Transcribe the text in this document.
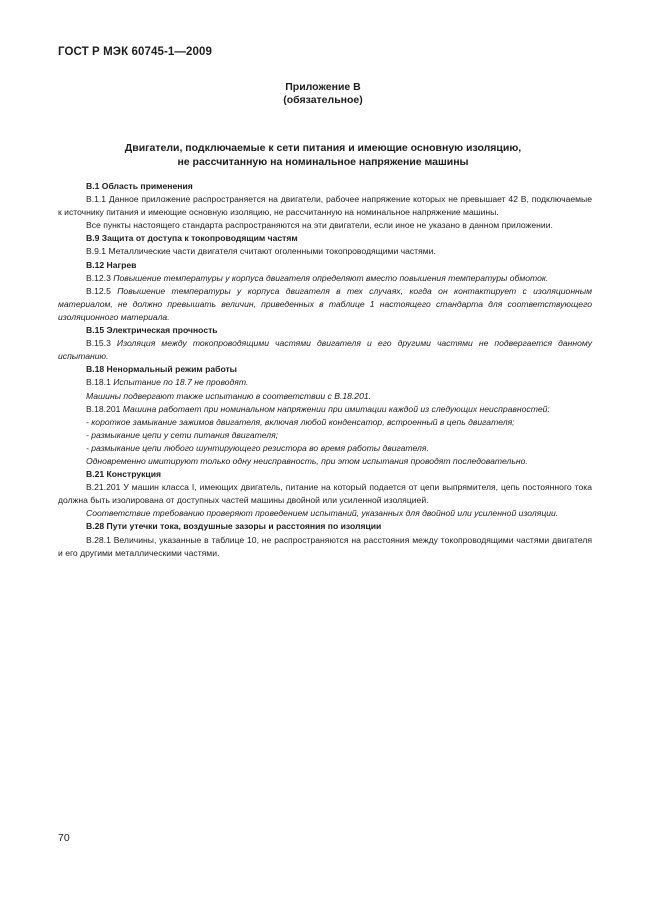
ГОСТ Р МЭК 60745-1—2009
Приложение В
(обязательное)
Двигатели, подключаемые к сети питания и имеющие основную изоляцию,
не рассчитанную на номинальное напряжение машины

В.1 Область применения

В.1.1 Данное приложение распространяется на двигатели, рабочее напряжение которых не превышает 42 В, подключаемые к источнику питания и имеющие основную изоляцию, не рассчитанную на номинальное напряжение машины.

Все пункты настоящего стандарта распространяются на эти двигатели, если иное не указано в данном приложении.

В.9 Защита от доступа к токопроводящим частям

В.9.1 Металлические части двигателя считают оголенными токопроводящими частями.

В.12 Нагрев

В.12.3 Повышение температуры у корпуса двигателя определяют вместо повышения температуры обмоток.

В.12.5 Повышение температуры у корпуса двигателя в тех случаях, когда он контактирует с изоляционным материалом, не должно превышать величин, приведенных в таблице 1 настоящего стандарта для соответствующего изоляционного материала.

В.15 Электрическая прочность

В.15.3 Изоляция между токопроводящими частями двигателя и его другими частями не подвергается данному испытанию.

В.18 Ненормальный режим работы

В.18.1 Испытание по 18.7 не проводят.

Машины подвергают также испытанию в соответствии с В.18.201.

В.18.201 Машина работает при номинальном напряжении при имитации каждой из следующих неисправностей:

- короткое замыкание зажимов двигателя, включая любой конденсатор, встроенный в цепь двигателя;

- размыкание цепи у сети питания двигателя;

- размыкание цепи любого шунтирующего резистора во время работы двигателя.

Одновременно имитируют только одну неисправность, при этом испытания проводят последовательно.

В.21 Конструкция

В.21.201 У машин класса I, имеющих двигатель, питание на который подается от цепи выпрямителя, цепь постоянного тока должна быть изолирована от доступных частей машины двойной или усиленной изоляцией.

Соответствие требованию проверяют проведением испытаний, указанных для двойной или усиленной изоляции.

В.28 Пути утечки тока, воздушные зазоры и расстояния по изоляции

В.28.1 Величины, указанные в таблице 10, не распространяются на расстояния между токопроводящими частями двигателя и его другими металлическими частями.

70
